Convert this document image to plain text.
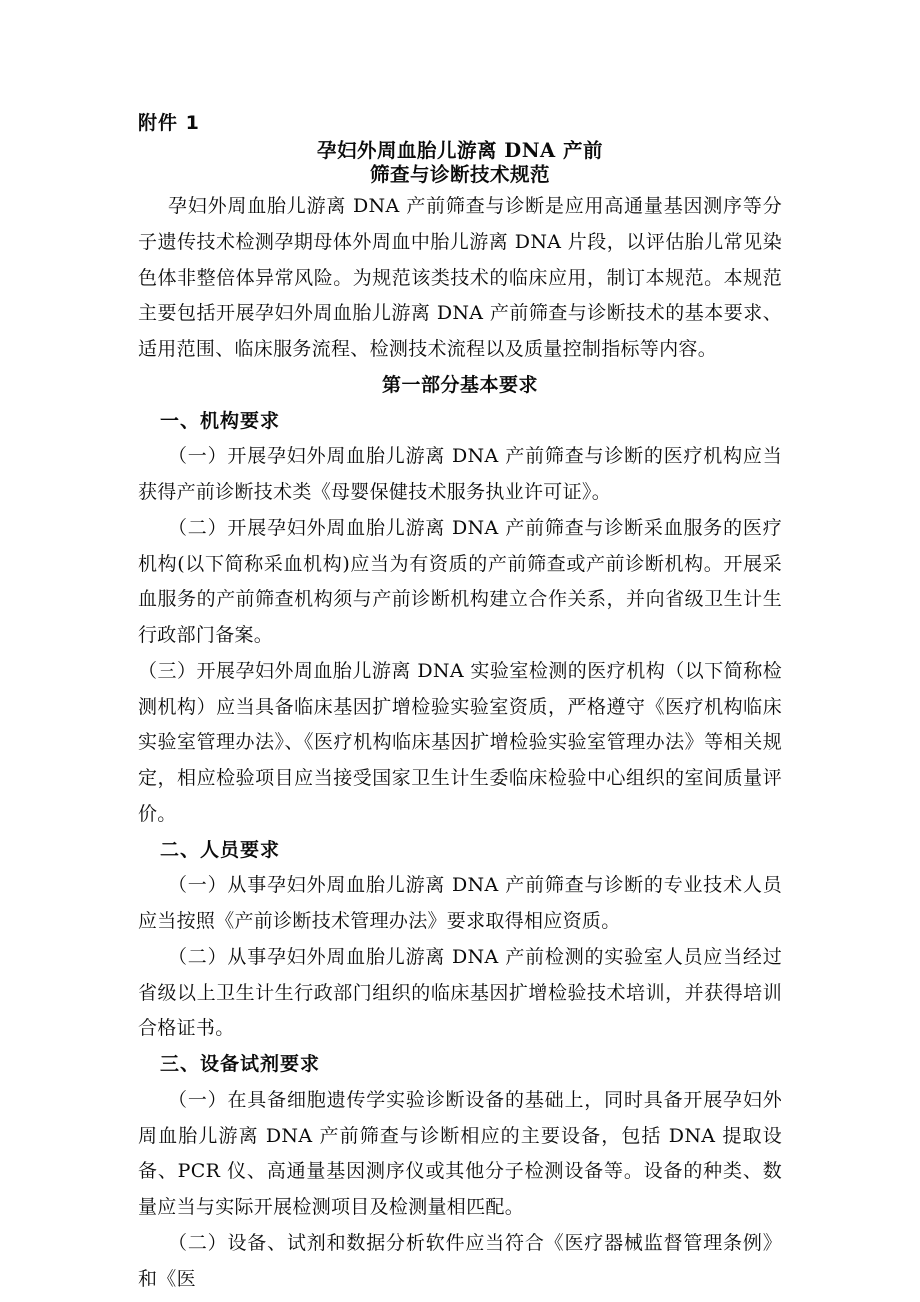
附件 1
孕妇外周血胎儿游离 DNA 产前
筛查与诊断技术规范

孕妇外周血胎儿游离 DNA 产前筛查与诊断是应用高通量基因测序等分子遗传技术检测孕期母体外周血中胎儿游离 DNA 片段，以评估胎儿常见染色体非整倍体异常风险。为规范该类技术的临床应用，制订本规范。本规范主要包括开展孕妇外周血胎儿游离 DNA 产前筛查与诊断技术的基本要求、适用范围、临床服务流程、检测技术流程以及质量控制指标等内容。

第一部分基本要求

一、机构要求

（一）开展孕妇外周血胎儿游离 DNA 产前筛查与诊断的医疗机构应当获得产前诊断技术类《母婴保健技术服务执业许可证》。

（二）开展孕妇外周血胎儿游离 DNA 产前筛查与诊断采血服务的医疗机构(以下简称采血机构)应当为有资质的产前筛查或产前诊断机构。开展采血服务的产前筛查机构须与产前诊断机构建立合作关系，并向省级卫生计生行政部门备案。

（三）开展孕妇外周血胎儿游离 DNA 实验室检测的医疗机构（以下简称检测机构）应当具备临床基因扩增检验实验室资质，严格遵守《医疗机构临床实验室管理办法》、《医疗机构临床基因扩增检验实验室管理办法》等相关规定，相应检验项目应当接受国家卫生计生委临床检验中心组织的室间质量评价。

二、人员要求

（一）从事孕妇外周血胎儿游离 DNA 产前筛查与诊断的专业技术人员应当按照《产前诊断技术管理办法》要求取得相应资质。

（二）从事孕妇外周血胎儿游离 DNA 产前检测的实验室人员应当经过省级以上卫生计生行政部门组织的临床基因扩增检验技术培训，并获得培训合格证书。

三、设备试剂要求

（一）在具备细胞遗传学实验诊断设备的基础上，同时具备开展孕妇外周血胎儿游离 DNA 产前筛查与诊断相应的主要设备，包括 DNA 提取设备、PCR 仪、高通量基因测序仪或其他分子检测设备等。设备的种类、数量应当与实际开展检测项目及检测量相匹配。

（二）设备、试剂和数据分析软件应当符合《医疗器械监督管理条例》和《医
